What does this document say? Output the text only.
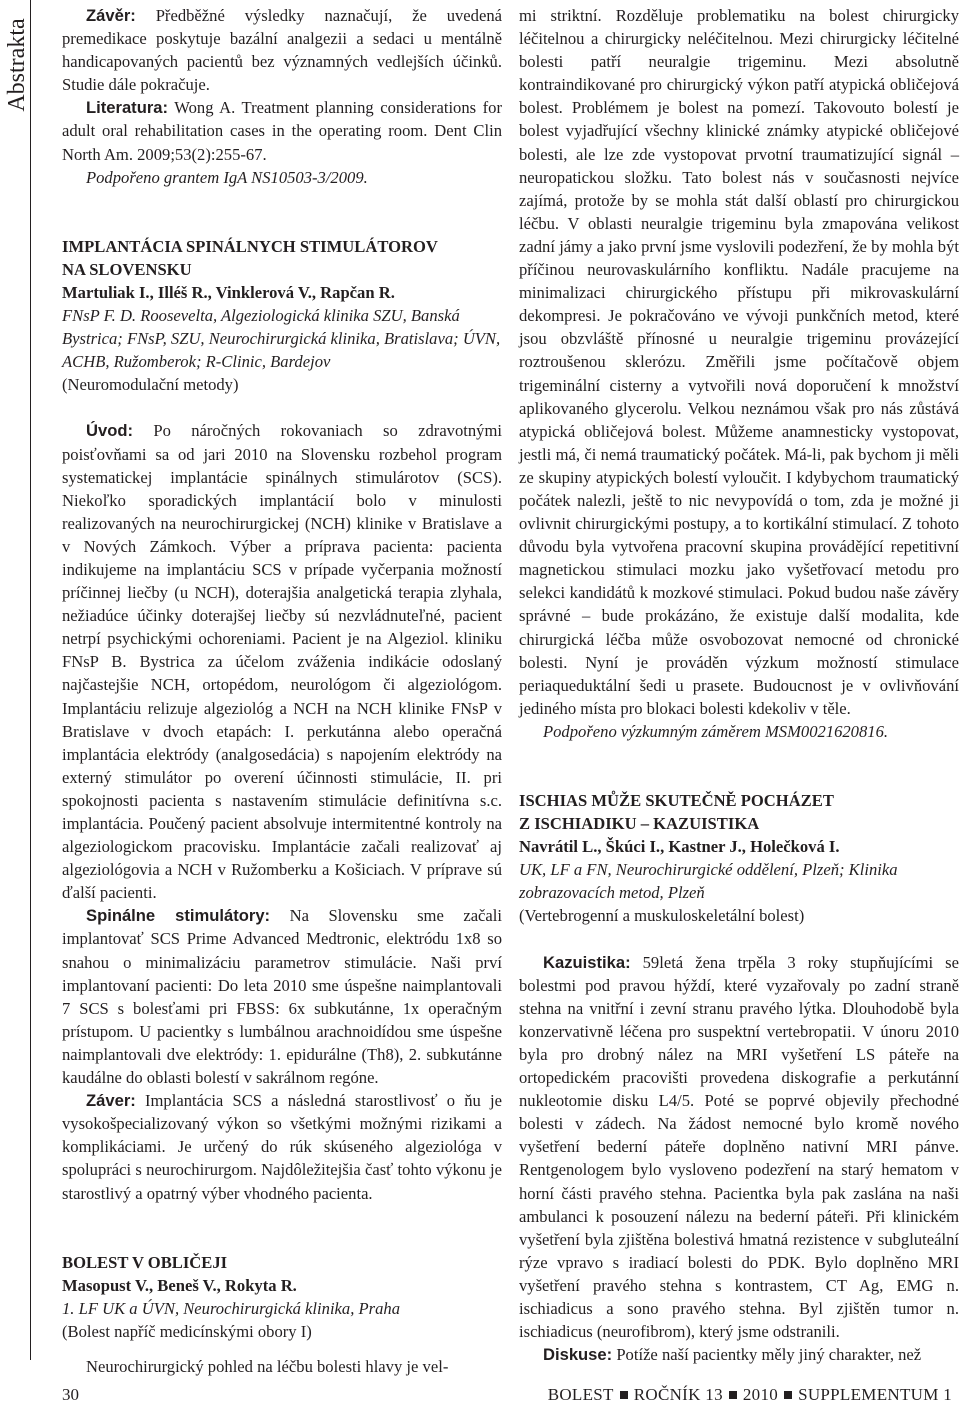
Abstrakta

Závěr: Předběžné výsledky naznačují, že uvedená premedikace poskytuje bazální analgezii a sedaci u mentálně handicapovaných pacientů bez významných vedlejších účinků. Studie dále pokračuje.

Literatura: Wong A. Treatment planning considerations for adult oral rehabilitation cases in the operating room. Dent Clin North Am. 2009;53(2):255-67.

Podpořeno grantem IgA NS10503-3/2009.

IMPLANTÁCIA SPINÁLNYCH STIMULÁTOROV

NA SLOVENSKU

Martuliak I., Illéš R., Vinklerová V., Rapčan R.

FNsP F. D. Roosevelta, Algeziologická klinika SZU, Banská Bystrica; FNsP, SZU, Neurochirurgická klinika, Bratislava; ÚVN, ACHB, Ružomberok; R-Clinic, Bardejov

(Neuromodulační metody)

Úvod: Po náročných rokovaniach so zdravotnými poisťovňami sa od jari 2010 na Slovensku rozbehol program systematickej implantácie spinálnych stimulárotov (SCS). Niekoľko sporadických implantácií bolo v minulosti realizovaných na neurochirurgickej (NCH) klinike v Bratislave a v Nových Zámkoch. Výber a príprava pacienta: pacienta indikujeme na implantáciu SCS v prípade vyčerpania možností príčinnej liečby (u NCH), doterajšia analgetická terapia zlyhala, nežiadúce účinky doterajšej liečby sú nezvládnuteľné, pacient netrpí psychickými ochoreniami. Pacient je na Algeziol. kliniku FNsP B. Bystrica za účelom zváženia indikácie odoslaný najčastejšie NCH, ortopédom, neurológom či algeziológom. Implantáciu relizuje algeziológ a NCH na NCH klinike FNsP v Bratislave v dvoch etapách: I. perkutánna alebo operačná implantácia elektródy (analgosedácia) s napojením elektródy na externý stimulátor po overení účinnosti stimulácie, II. pri spokojnosti pacienta s nastavením stimulácie definitívna s.c. implantácia. Poučený pacient absolvuje intermitentné kontroly na algeziologickom pracovisku. Implantácie začali realizovať aj algeziológovia a NCH v Ružomberku a Košiciach. V príprave sú ďalší pacienti.

Spinálne stimulátory: Na Slovensku sme začali implantovať SCS Prime Advanced Medtronic, elektródu 1x8 so snahou o minimalizáciu parametrov stimulácie. Naši prví implantovaní pacienti: Do leta 2010 sme úspešne naimplantovali 7 SCS s bolesťami pri FBSS: 6x subkutánne, 1x operačným prístupom. U pacientky s lumbálnou arachnoidídou sme úspešne naimplantovali dve elektródy: 1. epidurálne (Th8), 2. subkutánne kaudálne do oblasti bolestí v sakrálnom regóne.

Záver: Implantácia SCS a následná starostlivosť o ňu je vysokošpecializovaný výkon so všetkými možnými rizikami a komplikáciami. Je určený do rúk skúseného algeziológa v spolupráci s neurochirurgom. Najdôležitejšia časť tohto výkonu je starostlivý a opatrný výber vhodného pacienta.

BOLEST V OBLIČEJI

Masopust V., Beneš V., Rokyta R.

1. LF UK a ÚVN, Neurochirurgická klinika, Praha

(Bolest napříč medicínskými obory I)

Neurochirurgický pohled na léčbu bolesti hlavy je vel-

mi striktní. Rozděluje problematiku na bolest chirurgicky léčitelnou a chirurgicky neléčitelnou. Mezi chirurgicky léčitelné bolesti patří neuralgie trigeminu. Mezi absolutně kontraindikované pro chirurgický výkon patří atypická obličejová bolest. Problémem je bolest na pomezí. Takovouto bolestí je bolest vyjadřující všechny klinické známky atypické obličejové bolesti, ale lze zde vystopovat prvotní traumatizující signál – neuropatickou složku. Tato bolest nás v současnosti nejvíce zajímá, protože by se mohla stát další oblastí pro chirurgickou léčbu. V oblasti neuralgie trigeminu byla zmapována velikost zadní jámy a jako první jsme vyslovili podezření, že by mohla být příčinou neurovaskulárního konfliktu. Nadále pracujeme na minimalizaci chirurgického přístupu při mikrovaskulární dekompresi. Je pokračováno ve vývoji punkčních metod, které jsou obzvláště přínosné u neuralgie trigeminu provázející roztroušenou sklerózu. Změřili jsme počítačově objem trigeminální cisterny a vytvořili nová doporučení k množství aplikovaného glycerolu. Velkou neznámou však pro nás zůstává atypická obličejová bolest. Můžeme anamnesticky vystopovat, jestli má, či nemá traumatický počátek. Má-li, pak bychom ji měli ze skupiny atypických bolestí vyloučit. I kdybychom traumatický počátek nalezli, ještě to nic nevypovídá o tom, zda je možné ji ovlivnit chirurgickými postupy, a to kortikální stimulací. Z tohoto důvodu byla vytvořena pracovní skupina provádějící repetitivní magnetickou stimulaci mozku jako vyšetřovací metodu pro selekci kandidátů k mozkové stimulaci. Pokud budou naše závěry správné – bude prokázáno, že existuje další modalita, kde chirurgická léčba může osvobozovat nemocné od chronické bolesti. Nyní je prováděn výzkum možností stimulace periaqueduktální šedi u prasete. Budoucnost je v ovlivňování jediného místa pro blokaci bolesti kdekoliv v těle.

Podpořeno výzkumným záměrem MSM0021620816.

ISCHIAS MŮŽE SKUTEČNĚ POCHÁZET

Z ISCHIADIKU – KAZUISTIKA

Navrátil L., Škúci I., Kastner J., Holečková I.

UK, LF a FN, Neurochirurgické oddělení, Plzeň; Klinika zobrazovacích metod, Plzeň

(Vertebrogenní a muskuloskeletální bolest)

Kazuistika: 59letá žena trpěla 3 roky stupňujícími se bolestmi pod pravou hýždí, které vyzařovaly po zadní straně stehna na vnitřní i zevní stranu pravého lýtka. Dlouhodobě byla konzervativně léčena pro suspektní vertebropatii. V únoru 2010 byla pro drobný nález na MRI vyšetření LS páteře na ortopedickém pracovišti provedena diskografie a perkutánní nukleotomie disku L4/5. Poté se poprvé objevily přechodné bolesti v zádech. Na žádost nemocné bylo kromě nového vyšetření bederní páteře doplněno nativní MRI pánve. Rentgenologem bylo vysloveno podezření na starý hematom v horní části pravého stehna. Pacientka byla pak zaslána na naši ambulanci k posouzení nálezu na bederní páteři. Při klinickém vyšetření byla zjištěna bolestivá hmatná rezistence v subgluteální rýze vpravo s iradiací bolesti do PDK. Bylo doplněno MRI vyšetření pravého stehna s kontrastem, CT Ag, EMG n. ischiadicus a sono pravého stehna. Byl zjištěn tumor n. ischiadicus (neurofibrom), který jsme odstranili.

Diskuse: Potíže naší pacientky měly jiný charakter, než

30	BOLEST ROČNÍK 13 2010 SUPPLEMENTUM 1
